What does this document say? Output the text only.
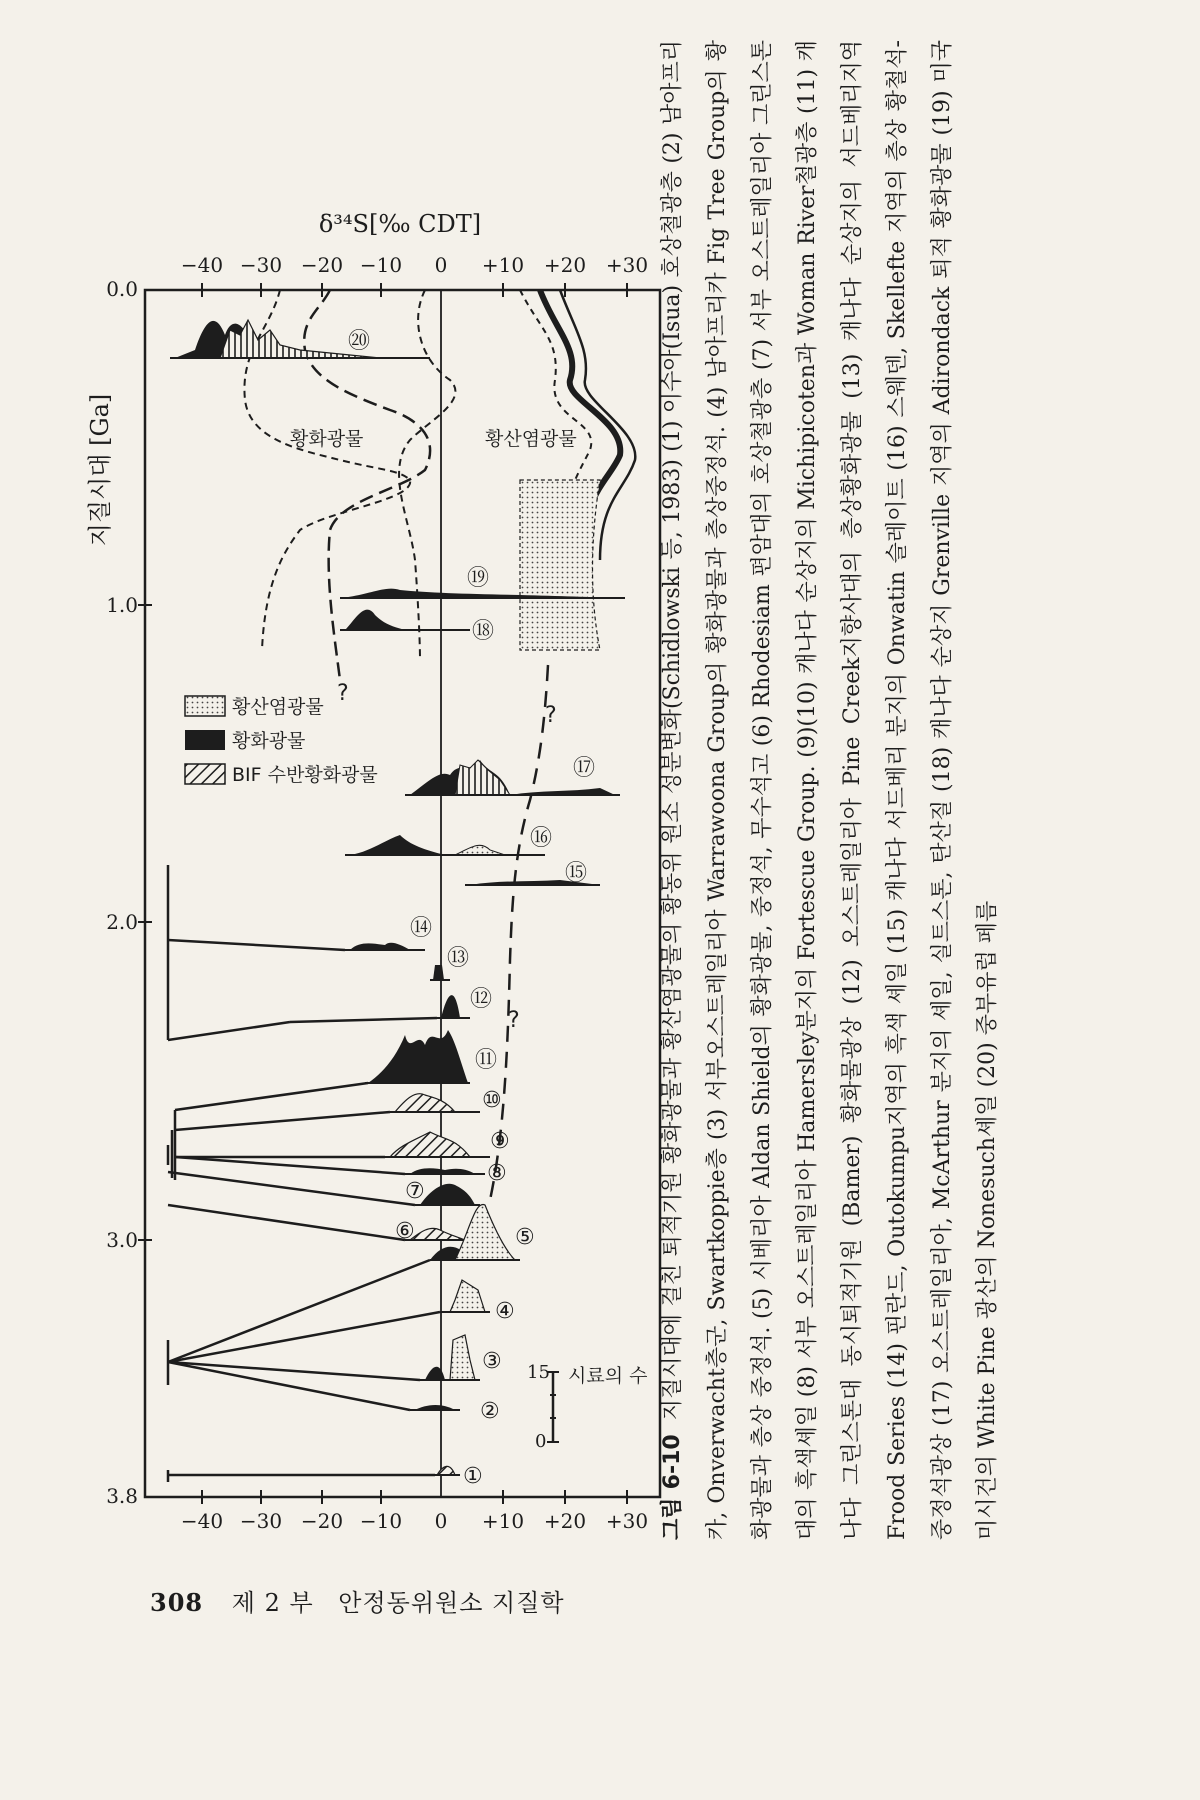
δ³⁴S[‰ CDT]
−40 −30 −20 −10 0 +10 +20 +30
−40 −30 −20 −10 0 +10 +20 +30
0.0
1.0
2.0
3.0
3.8
지질시대 [Ga]	황화광물	황산염광물
황산염광물
황화광물
BIF 수반황화광물
?
?
?
①
②
③
④
⑤
⑥
⑦
⑧
⑨
⑩
⑪
⑫
⑬
⑭
⑮
⑯
⑰
⑱
⑲
⑳
15
0
시료의 수

그림 6-10지질시대에 걸친 퇴적기원 황화광물과 황산염광물의 황동위 원소 성분변화(Schidlowski 등, 1983) (1) 이수아(Isua) 호상철광층 (2) 남아프리카, Onverwacht층군, Swartkoppie층 (3) 서부오스트레일리아 Warrawoona Group의 황화광물과 층상중정석. (4) 남아프리카 Fig Tree Group의 황화광물과 층상 중정석. (5) 시베리아 Aldan Shield의 황화광물, 중정석, 무수석고 (6) Rhodesiam 편암대의 호상철광층 (7) 서부 오스트레일리아 그린스톤대의 흑색셰일 (8) 서부 오스트레일리아 Hamersley분지의 Fortescue Group. (9)(10) 캐나다 순상지의 Michipicoten과 Woman River철광층 (11) 캐나다 그린스톤대 동시퇴적기원 (Bamer) 황화물광상 (12) 오스트레일리아 Pine Creek지향사대의 층상황화광물 (13) 캐나다 순상지의 서드베리지역 Frood Series (14) 핀란드, Outokumpu지역의 흑색 셰일 (15) 캐나다 서드베리 분지의 Onwatin 슬레이트 (16) 스웨덴, Skellefte 지역의 층상 황철석-중정석광상 (17) 오스트레일리아, McArthur 분지의 셰일, 실트스톤, 탄산질 (18) 캐나다 순상지 Grenville 지역의 Adirondack 퇴적 황화광물 (19) 미국 미시건의 White Pine 광산의 Nonesuch셰일 (20) 중부유럽 페름

308 제 2 부 안정동위원소 지질학
